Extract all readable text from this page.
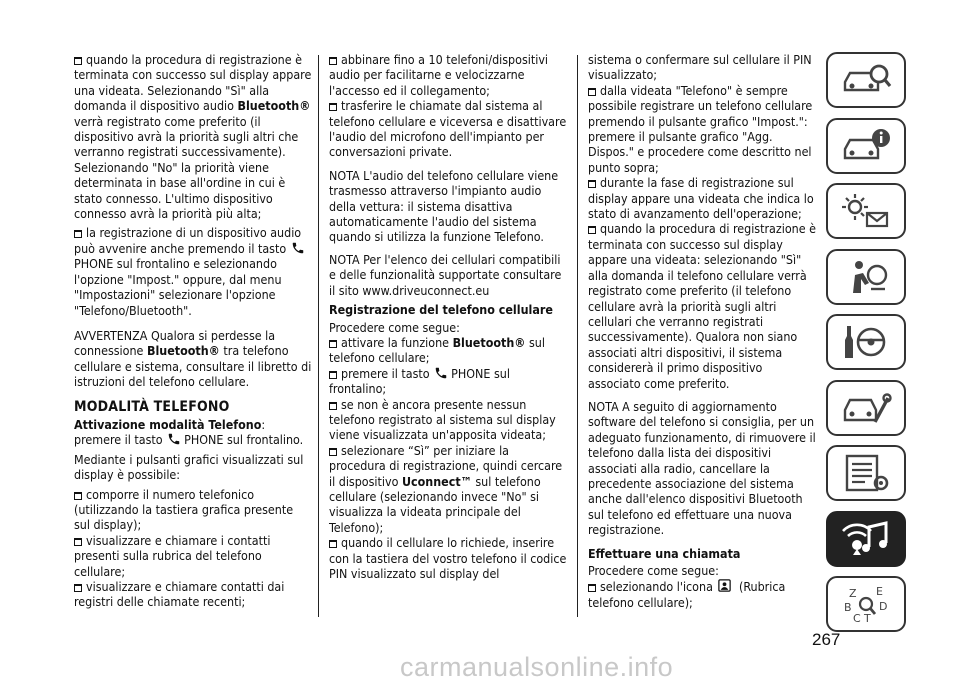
quando la procedura di registrazione è terminata con successo sul display appare una videata. Selezionando "Sì" alla domanda il dispositivo audio Bluetooth® verrà registrato come preferito (il dispositivo avrà la priorità sugli altri che verranno registrati successivamente). Selezionando "No" la priorità viene determinata in base all'ordine in cui è stato connesso. L'ultimo dispositivo connesso avrà la priorità più alta;

la registrazione di un dispositivo audio può avvenire anche premendo il tasto PHONE sul frontalino e selezionando l'opzione "Impost." oppure, dal menu "Impostazioni" selezionare l'opzione "Telefono/Bluetooth".

AVVERTENZA Qualora si perdesse la connessione Bluetooth® tra telefono cellulare e sistema, consultare il libretto di istruzioni del telefono cellulare.

MODALITÀ TELEFONO

Attivazione modalità Telefono: premere il tasto PHONE sul frontalino.

Mediante i pulsanti grafici visualizzati sul display è possibile:

comporre il numero telefonico (utilizzando la tastiera grafica presente sul display);

visualizzare e chiamare i contatti presenti sulla rubrica del telefono cellulare;

visualizzare e chiamare contatti dai registri delle chiamate recenti;

abbinare fino a 10 telefoni/dispositivi audio per facilitarne e velocizzarne l'accesso ed il collegamento;

trasferire le chiamate dal sistema al telefono cellulare e viceversa e disattivare l'audio del microfono dell'impianto per conversazioni private.

NOTA L'audio del telefono cellulare viene trasmesso attraverso l'impianto audio della vettura: il sistema disattiva automaticamente l'audio del sistema quando si utilizza la funzione Telefono.

NOTA Per l'elenco dei cellulari compatibili e delle funzionalità supportate consultare il sito www.driveuconnect.eu

Registrazione del telefono cellulare

Procedere come segue:

attivare la funzione Bluetooth® sul telefono cellulare;

premere il tasto PHONE sul frontalino;

se non è ancora presente nessun telefono registrato al sistema sul display viene visualizzata un'apposita videata;

selezionare “Sì” per iniziare la procedura di registrazione, quindi cercare il dispositivo Uconnect™ sul telefono cellulare (selezionando invece "No" si visualizza la videata principale del Telefono);

quando il cellulare lo richiede, inserire con la tastiera del vostro telefono il codice PIN visualizzato sul display del

sistema o confermare sul cellulare il PIN visualizzato;

dalla videata "Telefono" è sempre possibile registrare un telefono cellulare premendo il pulsante grafico "Impost.": premere il pulsante grafico "Agg. Dispos." e procedere come descritto nel punto sopra;

durante la fase di registrazione sul display appare una videata che indica lo stato di avanzamento dell'operazione;

quando la procedura di registrazione è terminata con successo sul display appare una videata: selezionando "Sì" alla domanda il telefono cellulare verrà registrato come preferito (il telefono cellulare avrà la priorità sugli altri cellulari che verranno registrati successivamente). Qualora non siano associati altri dispositivi, il sistema considererà il primo dispositivo associato come preferito.

NOTA A seguito di aggiornamento software del telefono si consiglia, per un adeguato funzionamento, di rimuovere il telefono dalla lista dei dispositivi associati alla radio, cancellare la precedente associazione del sistema anche dall'elenco dispositivi Bluetooth sul telefono ed effettuare una nuova registrazione.

Effettuare una chiamata

Procedere come segue:

selezionando l'icona  (Rubrica telefono cellulare);

Z E
B D
C T
267
carmanualsonline.info
